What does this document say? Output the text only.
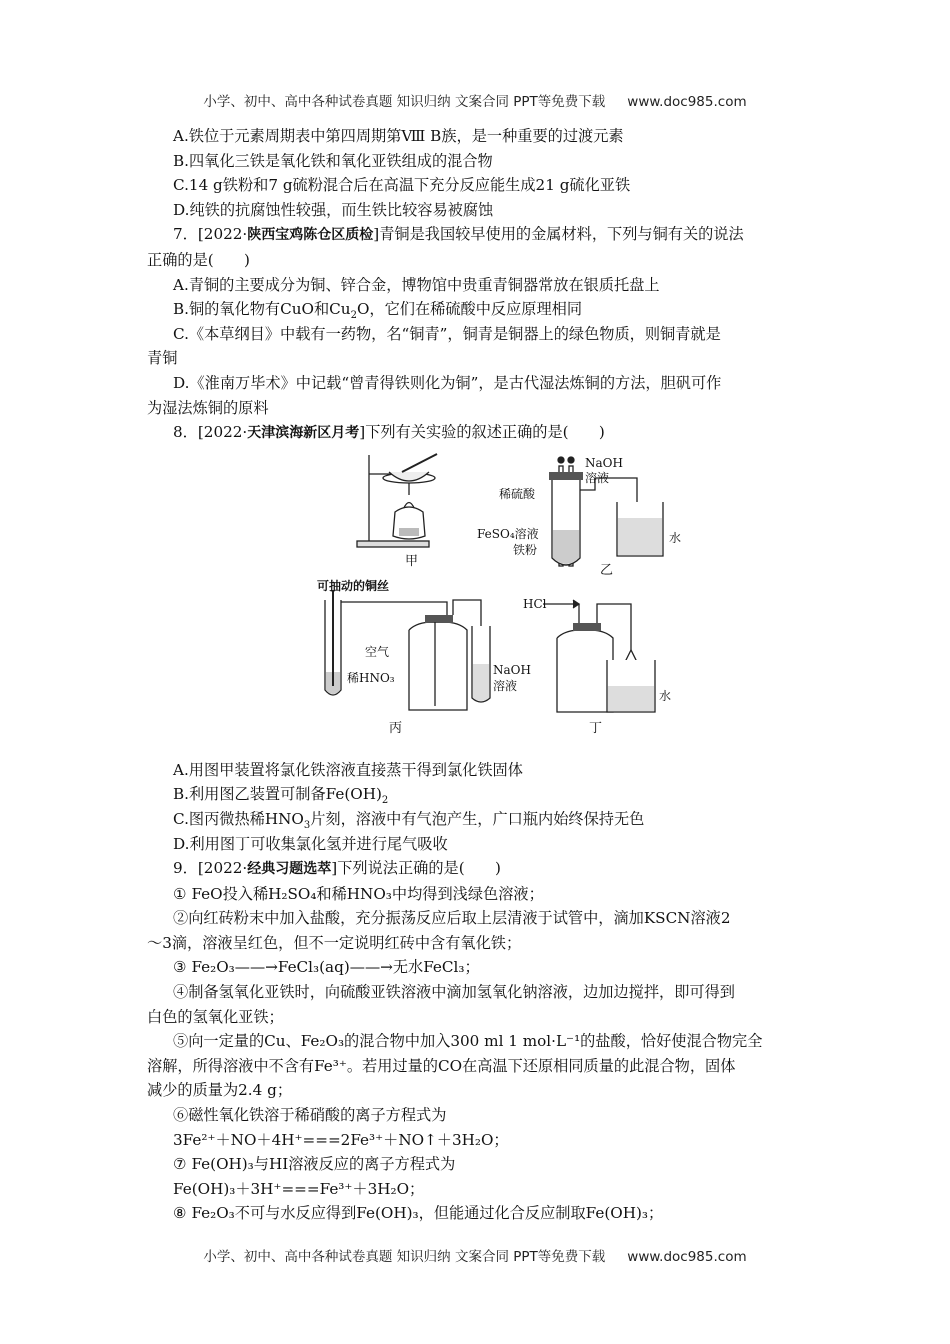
小学、初中、高中各种试卷真题 知识归纳 文案合同 PPT等免费下载 www.doc985.com

A.铁位于元素周期表中第四周期第Ⅷ B族，是一种重要的过渡元素

B.四氧化三铁是氧化铁和氧化亚铁组成的混合物

C.14 g铁粉和7 g硫粉混合后在高温下充分反应能生成21 g硫化亚铁

D.纯铁的抗腐蚀性较强，而生铁比较容易被腐蚀

7．[2022·陕西宝鸡陈仓区质检]青铜是我国较早使用的金属材料，下列与铜有关的说法

正确的是(　　)

A.青铜的主要成分为铜、锌合金，博物馆中贵重青铜器常放在银质托盘上

B.铜的氧化物有CuO和$Cu_2O$，它们在稀硫酸中反应原理相同

C.《本草纲目》中载有一药物，名“铜青”，铜青是铜器上的绿色物质，则铜青就是

青铜

D.《淮南万毕术》中记载“曾青得铁则化为铜”，是古代湿法炼铜的方法，胆矾可作

为湿法炼铜的原料

8．[2022·天津滨海新区月考]下列有关实验的叙述正确的是(　　)

甲
NaOH
溶液
稀硫酸
FeSO₄溶液
铁粉
水
乙
可抽动的铜丝
空气
稀HNO₃
NaOH
溶液
丙
HCl
水
丁

A.用图甲装置将氯化铁溶液直接蒸干得到氯化铁固体

B.利用图乙装置可制备$Fe(OH)_2$

C.图丙微热稀$HNO_3$片刻，溶液中有气泡产生，广口瓶内始终保持无色

D.利用图丁可收集氯化氢并进行尾气吸收

9．[2022·经典习题选萃]下列说法正确的是(　　)

① FeO投入稀H₂SO₄和稀HNO₃中均得到浅绿色溶液；

②向红砖粉末中加入盐酸，充分振荡反应后取上层清液于试管中，滴加KSCN溶液2

～3滴，溶液呈红色，但不一定说明红砖中含有氧化铁；

③ Fe₂O₃——→FeCl₃(aq)——→无水FeCl₃；

④制备氢氧化亚铁时，向硫酸亚铁溶液中滴加氢氧化钠溶液，边加边搅拌，即可得到

白色的氢氧化亚铁；

⑤向一定量的Cu、Fe₂O₃的混合物中加入300 ml 1 mol·L⁻¹的盐酸，恰好使混合物完全

溶解，所得溶液中不含有Fe³⁺。若用过量的CO在高温下还原相同质量的此混合物，固体

减少的质量为2.4 g；

⑥磁性氧化铁溶于稀硝酸的离子方程式为

3Fe²⁺＋NO＋4H⁺===2Fe³⁺＋NO↑＋3H₂O；

⑦ Fe(OH)₃与HI溶液反应的离子方程式为

Fe(OH)₃＋3H⁺===Fe³⁺＋3H₂O；

⑧ Fe₂O₃不可与水反应得到Fe(OH)₃，但能通过化合反应制取Fe(OH)₃；

小学、初中、高中各种试卷真题 知识归纳 文案合同 PPT等免费下载 www.doc985.com
